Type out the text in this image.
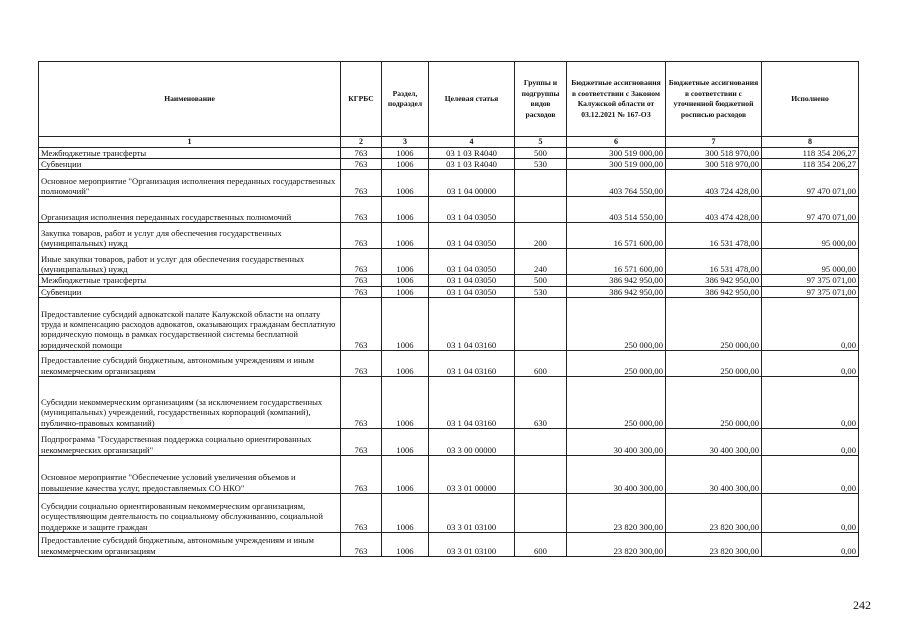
Наименование	КГРБС	Раздел, подраздел	Целевая статья	Группы и подгруппы видов расходов	Бюджетные ассигнования в соответствии с Законом Калужской области от 03.12.2021 № 167-ОЗ	Бюджетные ассигнования в соответствии с уточненной бюджетной росписью расходов	Исполнено
1	2	3	4	5	6	7	8
Межбюджетные трансферты	763	1006	03 1 03 R4040	500	300 519 000,00	300 518 970,00	118 354 206,27
Субвенции	763	1006	03 1 03 R4040	530	300 519 000,00	300 518 970,00	118 354 206,27
Основное мероприятие "Организация исполнения переданных государственных полномочий"	763	1006	03 1 04 00000		403 764 550,00	403 724 428,00	97 470 071,00
Организация исполнения переданных государственных полномочий	763	1006	03 1 04 03050		403 514 550,00	403 474 428,00	97 470 071,00
Закупка товаров, работ и услуг для обеспечения государственных (муниципальных) нужд	763	1006	03 1 04 03050	200	16 571 600,00	16 531 478,00	95 000,00
Иные закупки товаров, работ и услуг для обеспечения государственных (муниципальных) нужд	763	1006	03 1 04 03050	240	16 571 600,00	16 531 478,00	95 000,00
Межбюджетные трансферты	763	1006	03 1 04 03050	500	386 942 950,00	386 942 950,00	97 375 071,00
Субвенции	763	1006	03 1 04 03050	530	386 942 950,00	386 942 950,00	97 375 071,00
Предоставление субсидий адвокатской палате Калужской области на оплату труда и компенсацию расходов адвокатов, оказывающих гражданам бесплатную юридическую помощь в рамках государственной системы бесплатной юридической помощи	763	1006	03 1 04 03160		250 000,00	250 000,00	0,00
Предоставление субсидий бюджетным, автономным учреждениям и иным некоммерческим организациям	763	1006	03 1 04 03160	600	250 000,00	250 000,00	0,00
Субсидии некоммерческим организациям (за исключением государственных (муниципальных) учреждений, государственных корпораций (компаний), публично-правовых компаний)	763	1006	03 1 04 03160	630	250 000,00	250 000,00	0,00
Подпрограмма "Государственная поддержка социально ориентированных некоммерческих организаций"	763	1006	03 3 00 00000		30 400 300,00	30 400 300,00	0,00
Основное мероприятие "Обеспечение условий увеличения объемов и повышение качества услуг, предоставляемых СО НКО"	763	1006	03 3 01 00000		30 400 300,00	30 400 300,00	0,00
Субсидии социально ориентированным некоммерческим организациям, осуществляющим деятельность по социальному обслуживанию, социальной поддержке и защите граждан	763	1006	03 3 01 03100		23 820 300,00	23 820 300,00	0,00
Предоставление субсидий бюджетным, автономным учреждениям и иным некоммерческим организациям	763	1006	03 3 01 03100	600	23 820 300,00	23 820 300,00	0,00
242
